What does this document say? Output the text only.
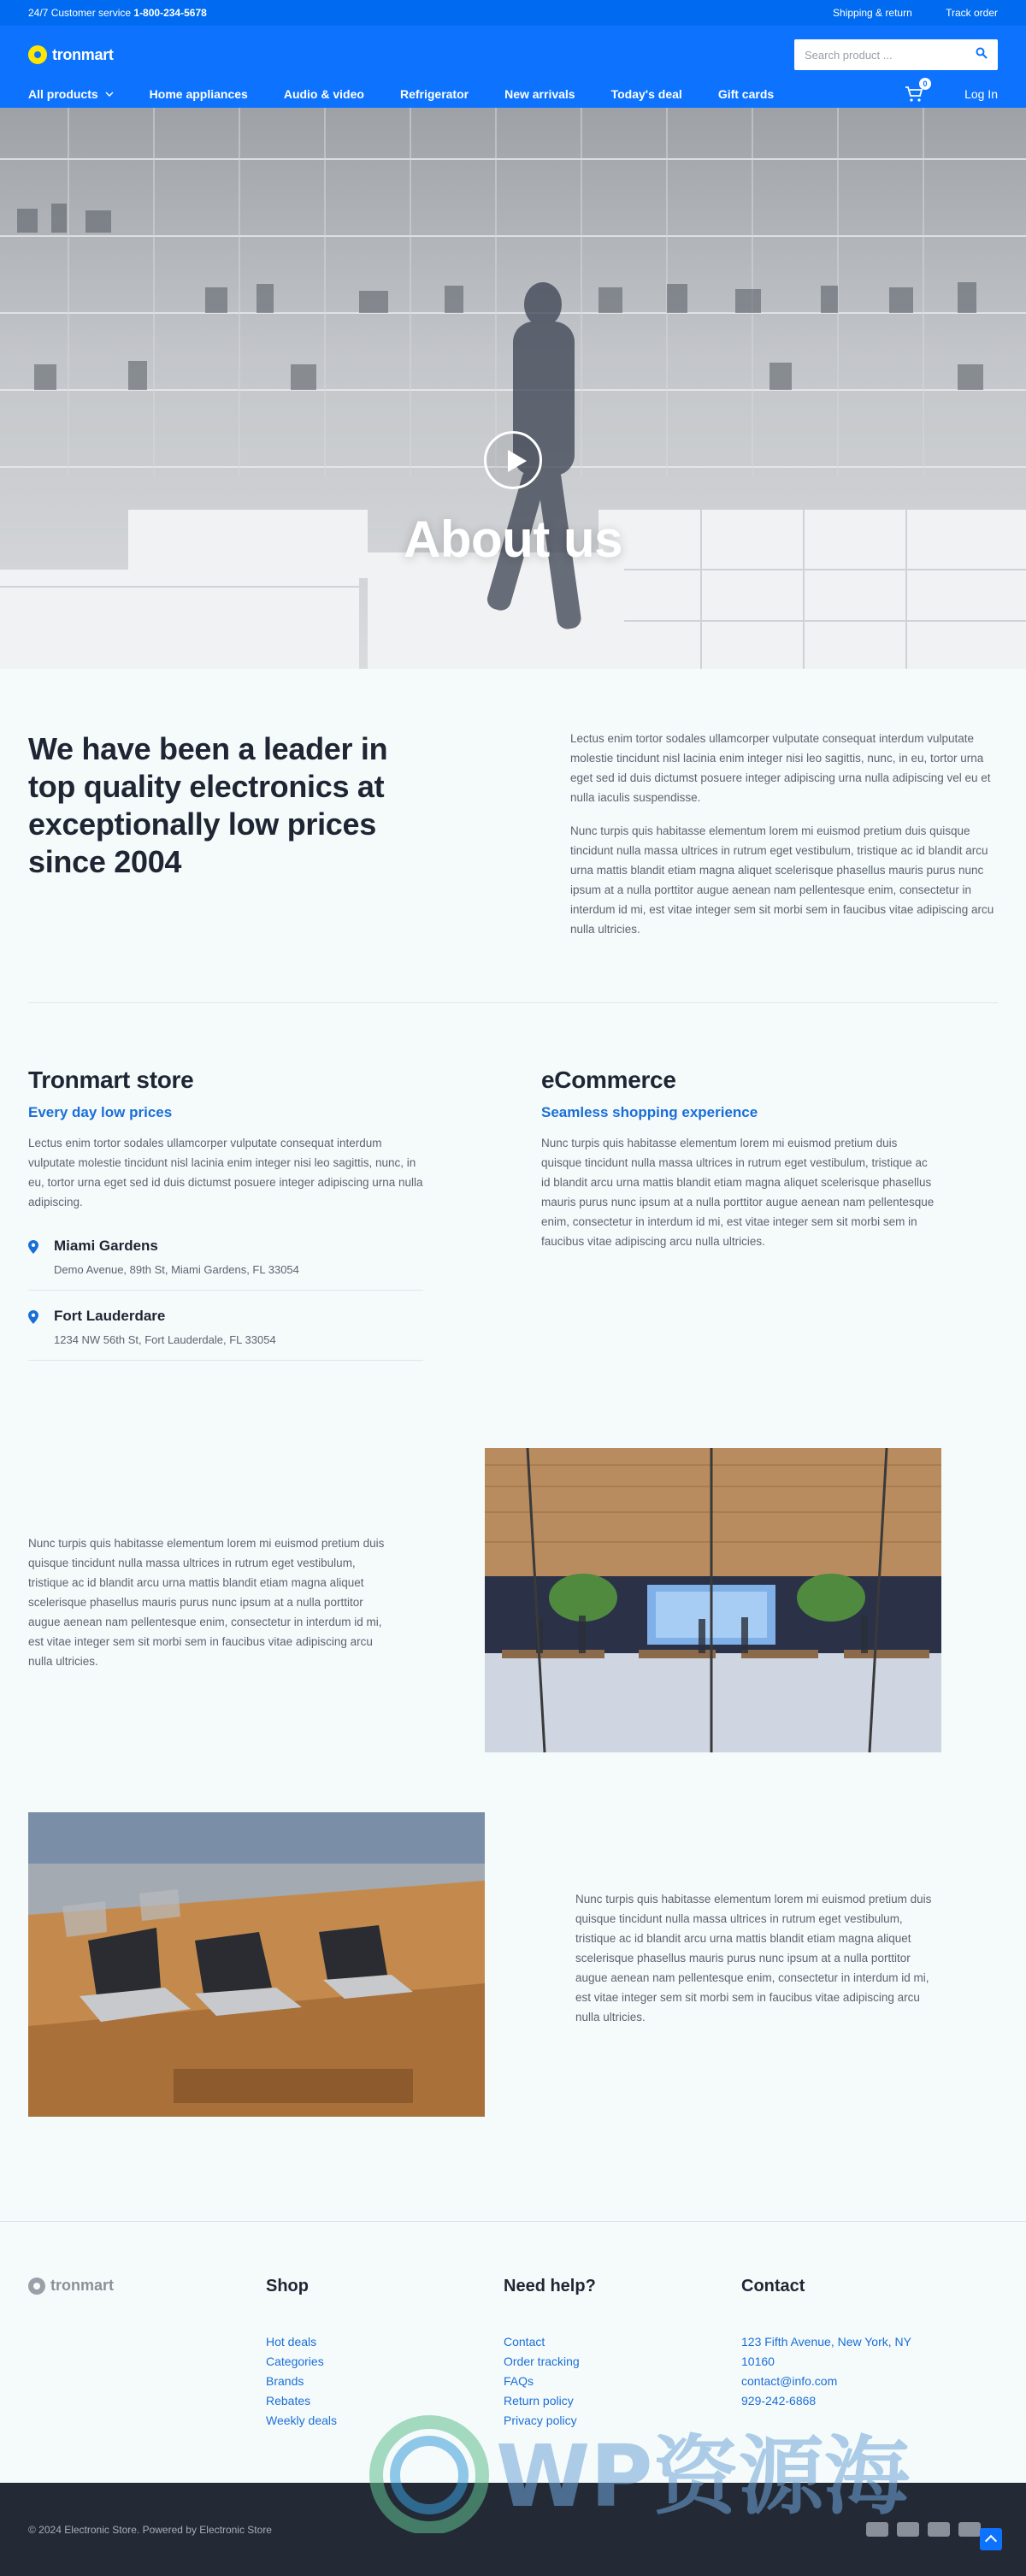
24/7 Customer service 1-800-234-5678	Shipping & return	Track order
tronmart
Search product ...
All products	Home appliances	Audio & video	Refrigerator	New arrivals	Today's deal	Gift cards
0
Log In
About us
We have been a leader in top quality electronics at exceptionally low prices since 2004

Lectus enim tortor sodales ullamcorper vulputate consequat interdum vulputate molestie tincidunt nisl lacinia enim integer nisi leo sagittis, nunc, in eu, tortor urna eget sed id duis dictumst posuere integer adipiscing urna nulla adipiscing vel eu et nulla iaculis suspendisse.

Nunc turpis quis habitasse elementum lorem mi euismod pretium duis quisque tincidunt nulla massa ultrices in rutrum eget vestibulum, tristique ac id blandit arcu urna mattis blandit etiam magna aliquet scelerisque phasellus mauris purus nunc ipsum at a nulla porttitor augue aenean nam pellentesque enim, consectetur in interdum id mi, est vitae integer sem sit morbi sem in faucibus vitae adipiscing arcu nulla ultricies.

Tronmart store
Every day low prices

Lectus enim tortor sodales ullamcorper vulputate consequat interdum vulputate molestie tincidunt nisl lacinia enim integer nisi leo sagittis, nunc, in eu, tortor urna eget sed id duis dictumst posuere integer adipiscing urna nulla adipiscing.

Miami Gardens
Demo Avenue, 89th St, Miami Gardens, FL 33054
Fort Lauderdare
1234 NW 56th St, Fort Lauderdale, FL 33054
eCommerce
Seamless shopping experience

Nunc turpis quis habitasse elementum lorem mi euismod pretium duis quisque tincidunt nulla massa ultrices in rutrum eget vestibulum, tristique ac id blandit arcu urna mattis blandit etiam magna aliquet scelerisque phasellus mauris purus nunc ipsum at a nulla porttitor augue aenean nam pellentesque enim, consectetur in interdum id mi, est vitae integer sem sit morbi sem in faucibus vitae adipiscing arcu nulla ultricies.

Nunc turpis quis habitasse elementum lorem mi euismod pretium duis quisque tincidunt nulla massa ultrices in rutrum eget vestibulum, tristique ac id blandit arcu urna mattis blandit etiam magna aliquet scelerisque phasellus mauris purus nunc ipsum at a nulla porttitor augue aenean nam pellentesque enim, consectetur in interdum id mi, est vitae integer sem sit morbi sem in faucibus vitae adipiscing arcu nulla ultricies.

Nunc turpis quis habitasse elementum lorem mi euismod pretium duis quisque tincidunt nulla massa ultrices in rutrum eget vestibulum, tristique ac id blandit arcu urna mattis blandit etiam magna aliquet scelerisque phasellus mauris purus nunc ipsum at a nulla porttitor augue aenean nam pellentesque enim, consectetur in interdum id mi, est vitae integer sem sit morbi sem in faucibus vitae adipiscing arcu nulla ultricies.

tronmart	Shop
Hot deals
Categories
Brands
Rebates
Weekly deals
Need help?
Contact
Order tracking
FAQs
Return policy
Privacy policy
Contact
123 Fifth Avenue, New York, NY
10160
contact@info.com
929-242-6868
© 2024 Electronic Store. Powered by Electronic Store
WP资源海
